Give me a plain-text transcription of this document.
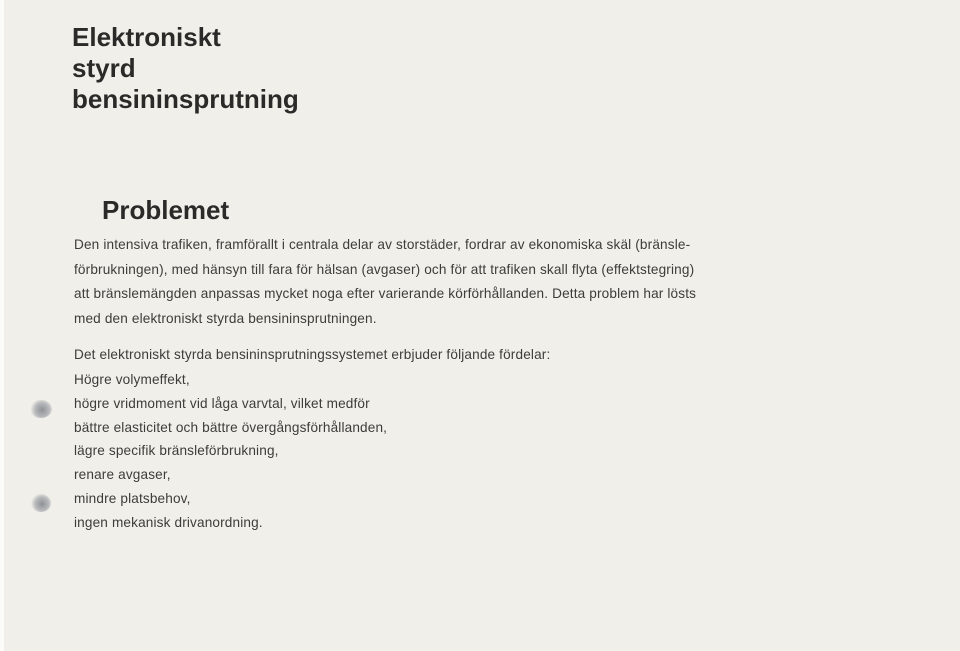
Elektroniskt
styrd
bensininsprutning
Problemet

Den intensiva trafiken, framförallt i centrala delar av storstäder, fordrar av ekonomiska skäl (bränsle-
förbrukningen), med hänsyn till fara för hälsan (avgaser) och för att trafiken skall flyta (effektstegring)
att bränslemängden anpassas mycket noga efter varierande körförhållanden. Detta problem har lösts
med den elektroniskt styrda bensininsprutningen.

Det elektroniskt styrda bensininsprutningssystemet erbjuder följande fördelar:

Högre volymeffekt,
högre vridmoment vid låga varvtal, vilket medför
bättre elasticitet och bättre övergångsförhållanden,
lägre specifik bränsleförbrukning,
renare avgaser,
mindre platsbehov,
ingen mekanisk drivanordning.
